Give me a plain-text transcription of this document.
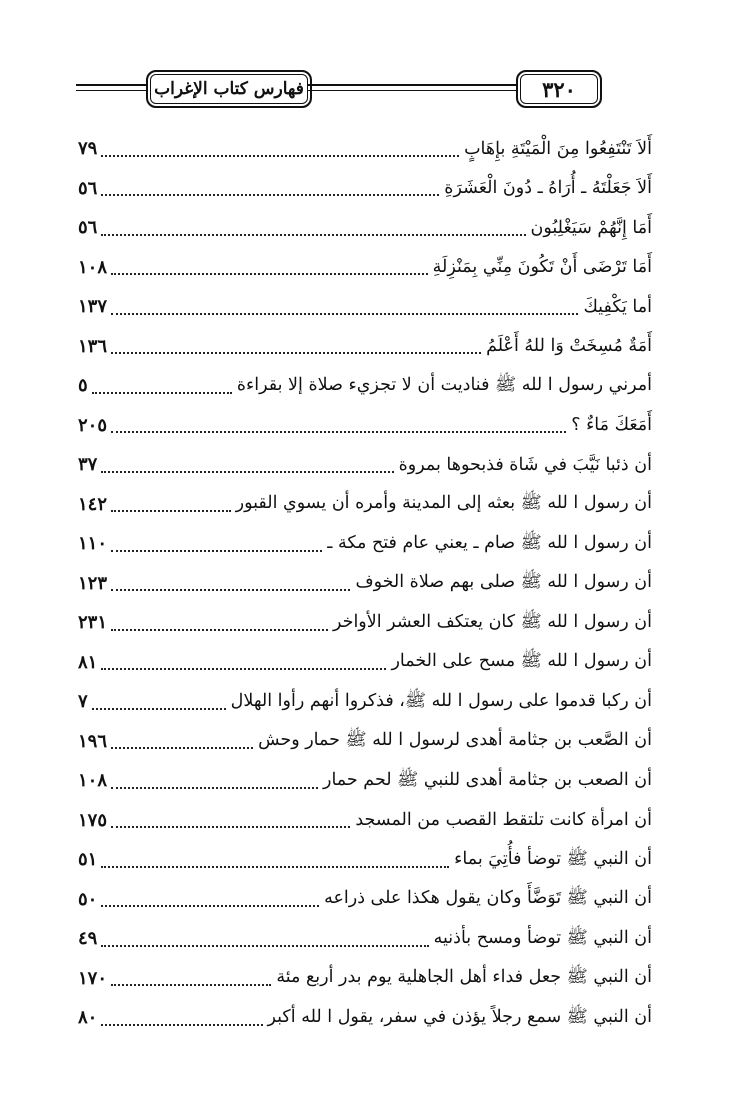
فهارس كتاب الإغراب	٣٢٠
أَلاَ تَنْتَفِعُوا مِنَ الْمَيْتَةِ بإِهَابٍ
٧٩
أَلاَ جَعَلْتَهُ ـ أُرَاهُ ـ دُونَ الْعَشَرَةِ
٥٦
أَمَا إِنَّهُمْ سَيَغْلِبُون
٥٦
أَمَا تَرْضَى أَنْ تَكُونَ مِنِّي بِمَنْزِلَةِ
١٠٨
أما يَكْفِيكَ
١٣٧
أَمَةٌ مُسِخَتْ وَا للهُ أَعْلَمُ
١٣٦
أمرني رسول ا لله ﷺ فناديت أن لا تجزيء صلاة إلا بقراءة
٥
أَمَعَكَ مَاءٌ ؟
٢٠٥
أن ذئبا نَيَّبَ في شَاة فذبحوها بمروة
٣٧
أن رسول ا لله ﷺ بعثه إلى المدينة وأمره أن يسوي القبور
١٤٢
أن رسول ا لله ﷺ صام ـ يعني عام فتح مكة ـ
١١٠
أن رسول ا لله ﷺ صلى بهم صلاة الخوف
١٢٣
أن رسول ا لله ﷺ كان يعتكف العشر الأواخر
٢٣١
أن رسول ا لله ﷺ مسح على الخمار
٨١
أن ركبا قدموا على رسول ا لله ﷺ، فذكروا أنهم رأوا الهلال
٧
أن الصَّعب بن جثامة أهدى لرسول ا لله ﷺ حمار وحش
١٩٦
أن الصعب بن جثامة أهدى للنبي ﷺ لحم حمار
١٠٨
أن امرأة كانت تلتقط القصب من المسجد
١٧٥
أن النبي ﷺ توضأ فأُتِيَ بماء
٥١
أن النبي ﷺ تَوَضَّأَ وكان يقول هكذا على ذراعه
٥٠
أن النبي ﷺ توضأ ومسح بأذنيه
٤٩
أن النبي ﷺ جعل فداء أهل الجاهلية يوم بدر أربع مئة
١٧٠
أن النبي ﷺ سمع رجلاً يؤذن في سفر، يقول ا لله أكبر
٨٠
